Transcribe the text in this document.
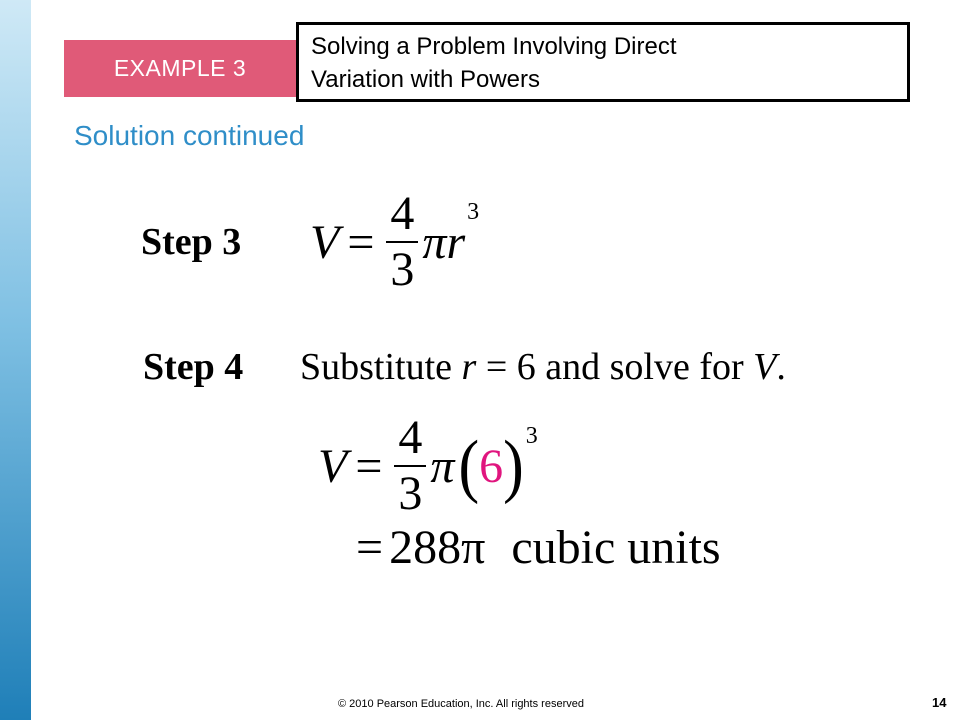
EXAMPLE 3
Solving a Problem Involving Direct
Variation with Powers
Solution continued
Step 3 $V = \frac{4}{3}$ π r
$^3$
Step 4 Substitute r = 6 and solve for V.
$V = \frac{4}{3}$ π ( 6 )$^3$
= 288π cubic units
© 2010 Pearson Education, Inc. All rights reserved	14
